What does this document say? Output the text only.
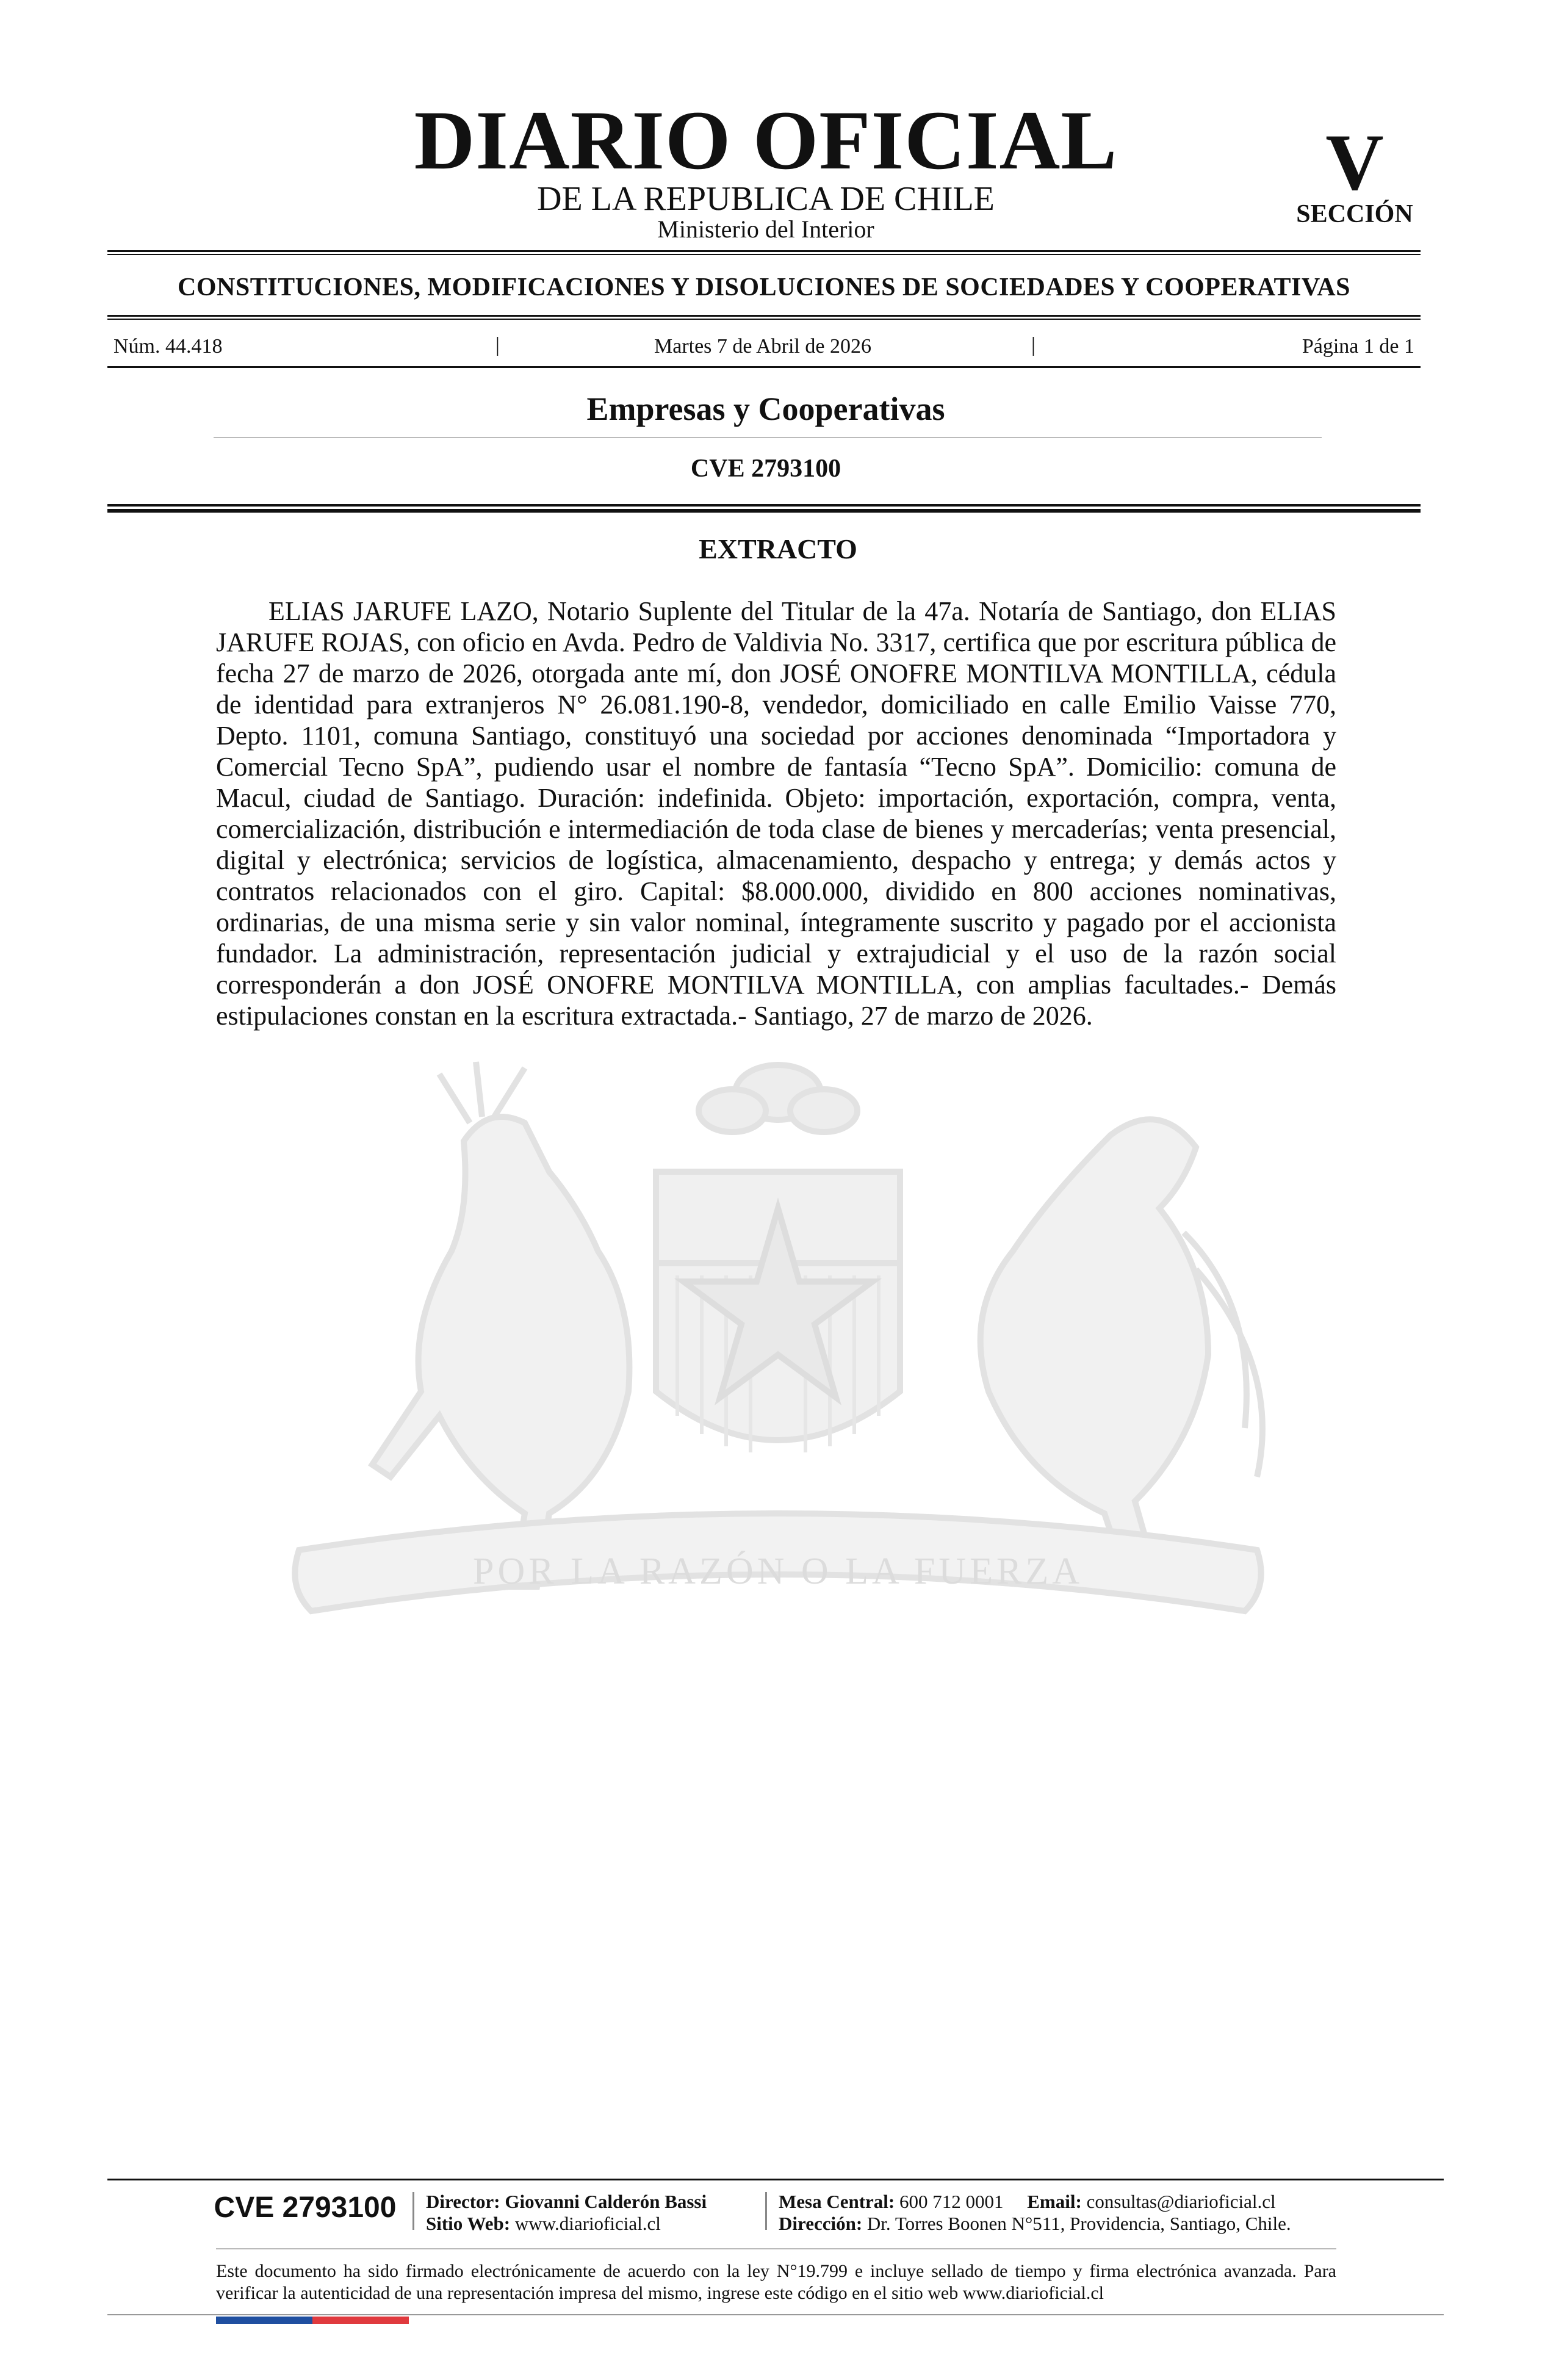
POR LA RAZÓN O LA FUERZA
DIARIO OFICIAL
DE LA REPUBLICA DE CHILE
Ministerio del Interior
V
SECCIÓN
CONSTITUCIONES, MODIFICACIONES Y DISOLUCIONES DE SOCIEDADES Y COOPERATIVAS
Núm. 44.418	|	Martes 7 de Abril de 2026	|	Página 1 de 1
Empresas y Cooperativas
CVE 2793100
EXTRACTO
ELIAS JARUFE LAZO, Notario Suplente del Titular de la 47a. Notaría de Santiago, don ELIAS JARUFE ROJAS, con oficio en Avda. Pedro de Valdivia No. 3317, certifica que por escritura pública de fecha 27 de marzo de 2026, otorgada ante mí, don JOSÉ ONOFRE MONTILVA MONTILLA, cédula de identidad para extranjeros N° 26.081.190-8, vendedor, domiciliado en calle Emilio Vaisse 770, Depto. 1101, comuna Santiago, constituyó una sociedad por acciones denominada “Importadora y Comercial Tecno SpA”, pudiendo usar el nombre de fantasía “Tecno SpA”. Domicilio: comuna de Macul, ciudad de Santiago. Duración: indefinida. Objeto: importación, exportación, compra, venta, comercialización, distribución e intermediación de toda clase de bienes y mercaderías; venta presencial, digital y electrónica; servicios de logística, almacenamiento, despacho y entrega; y demás actos y contratos relacionados con el giro. Capital: $8.000.000, dividido en 800 acciones nominativas, ordinarias, de una misma serie y sin valor nominal, íntegramente suscrito y pagado por el accionista fundador. La administración, representación judicial y extrajudicial y el uso de la razón social corresponderán a don JOSÉ ONOFRE MONTILVA MONTILLA, con amplias facultades.- Demás estipulaciones constan en la escritura extractada.- Santiago, 27 de marzo de 2026.
CVE 2793100	Director: Giovanni Calderón Bassi
Sitio Web: www.diarioficial.cl
Mesa Central: 600 712 0001 Email: consultas@diarioficial.cl
Dirección: Dr. Torres Boonen N°511, Providencia, Santiago, Chile.
Este documento ha sido firmado electrónicamente de acuerdo con la ley N°19.799 e incluye sellado de tiempo y firma electrónica avanzada. Para verificar la autenticidad de una representación impresa del mismo, ingrese este código en el sitio web www.diarioficial.cl
